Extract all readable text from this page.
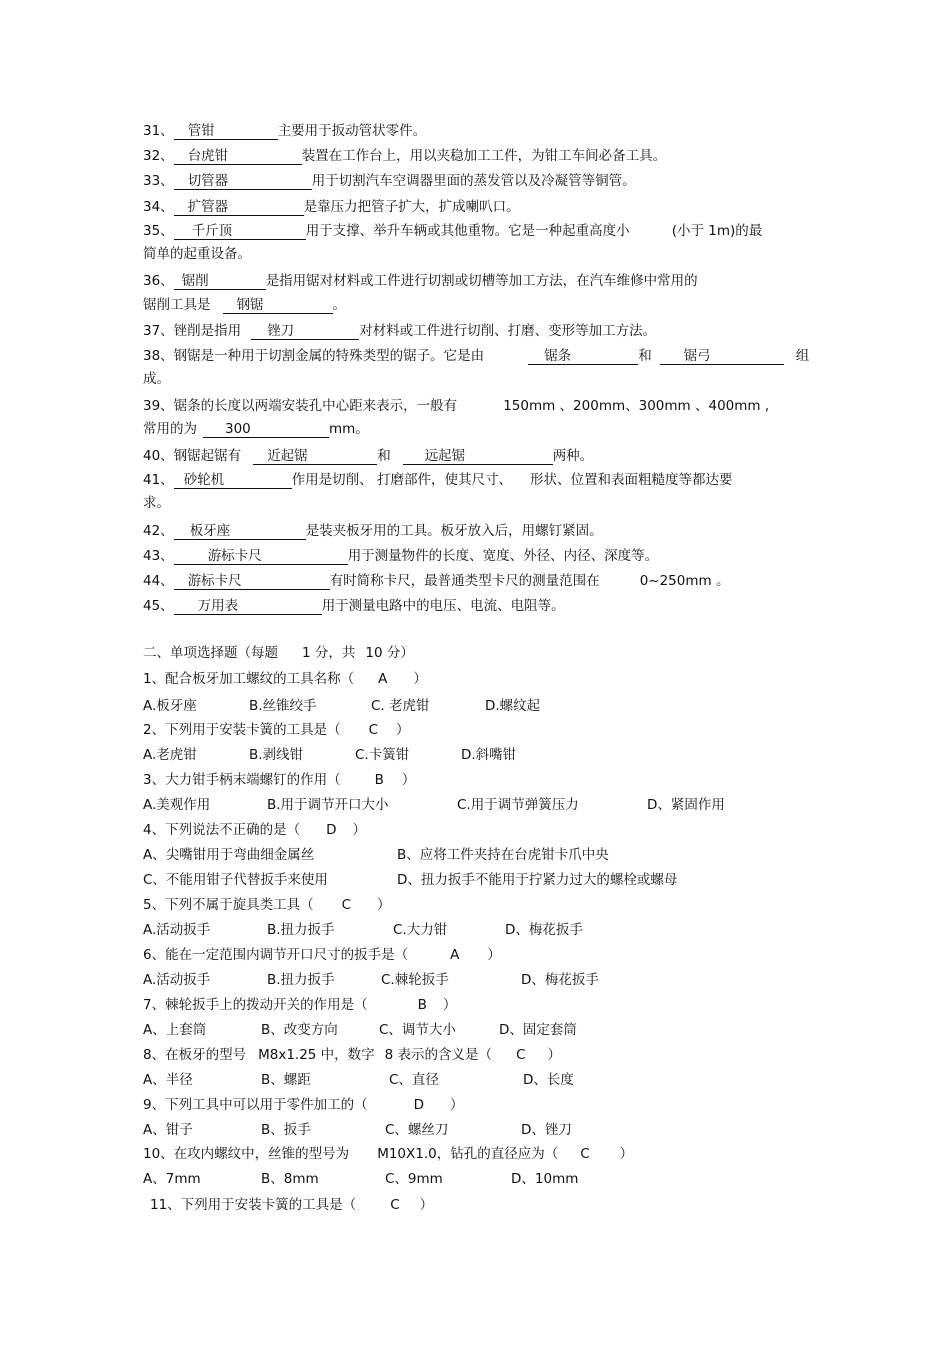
31、 管钳	主要用于扳动管状零件。
32、 台虎钳	装置在工作台上，用以夹稳加工工件，为钳工车间必备工具。
33、 切管器	用于切割汽车空调器里面的蒸发管以及冷凝管等铜管。
34、 扩管器	是靠压力把管子扩大，扩成喇叭口。
35、 千斤顶	用于支撑、举升车辆或其他重物。它是一种起重高度小	(小于 1m)的最
简单的起重设备。
36、 锯削	是指用锯对材料或工件进行切割或切槽等加工方法，在汽车维修中常用的
锯削工具是 钢锯	。
37、锉削是指用 锉刀	对材料或工件进行切削、打磨、变形等加工方法。
38、钢锯是一种用于切割金属的特殊类型的锯子。它是由	锯条	和 锯弓	组
成。
39、锯条的长度以两端安装孔中心距来表示，一般有	150mm 、200mm、300mm 、400mm ,
常用的为 300	mm。
40、钢锯起锯有 近起锯	和	远起锯	两种。
41、 砂轮机	作用是切削、 打磨部件，使其尺寸、 形状、位置和表面粗糙度等都达要
求。
42、 板牙座	是装夹板牙用的工具。板牙放入后，用螺钉紧固。
43、	游标卡尺	用于测量物件的长度、宽度、外径、内径、深度等。
44、 游标卡尺	有时简称卡尺，最普通类型卡尺的测量范围在	0~250mm 。
45、 万用表	用于测量电路中的电压、电流、电阻等。
二、单项选择题（每题 1 分，共 10 分）
1、配合板牙加工螺纹的工具名称（ A ）
A.板牙座	B.丝锥绞手	C. 老虎钳	D.螺纹起
2、下列用于安装卡簧的工具是（ C ）
A.老虎钳	B.剥线钳	C.卡簧钳	D.斜嘴钳
3、大力钳手柄末端螺钉的作用（	B ）
A.美观作用	B.用于调节开口大小	C.用于调节弹簧压力	D、紧固作用
4、下列说法不正确的是（ D ）
A、尖嘴钳用于弯曲细金属丝	B、应将工件夹持在台虎钳卡爪中央
C、不能用钳子代替扳手来使用	D、扭力扳手不能用于拧紧力过大的螺栓或螺母
5、下列不属于旋具类工具（ C ）
A.活动扳手	B.扭力扳手	C.大力钳	D、梅花扳手
6、能在一定范围内调节开口尺寸的扳手是（	A ）
A.活动扳手	B.扭力扳手	C.棘轮扳手	D、梅花扳手
7、棘轮扳手上的拨动开关的作用是（	B ）
A、上套筒	B、改变方向	C、调节大小	D、固定套筒
8、在板牙的型号 M8x1.25 中，数字 8 表示的含义是（ C ）
A、半径	B、螺距	C、直径	D、长度
9、下列工具中可以用于零件加工的（	D ）
A、钳子	B、扳手	C、螺丝刀	D、锉刀
10、在攻内螺纹中，丝锥的型号为 M10X1.0，钻孔的直径应为（ C ）
A、7mm	B、8mm	C、9mm	D、10mm
11、下列用于安装卡簧的工具是（	C ）
